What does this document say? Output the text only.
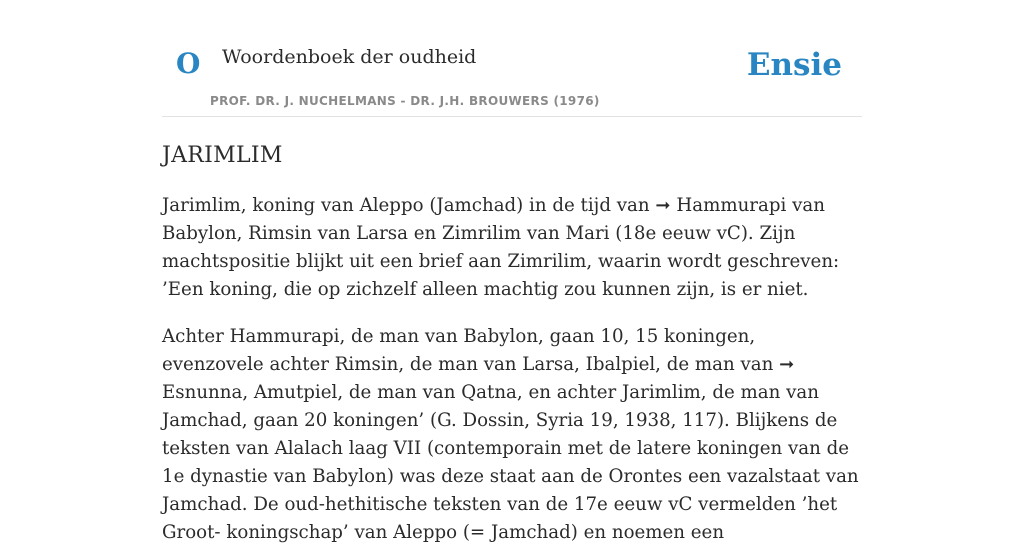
O Woordenboek der oudheid	Ensie
PROF. DR. J. NUCHELMANS - DR. J.H. BROUWERS (1976)
JARIMLIM

Jarimlim, koning van Aleppo (Jamchad) in de tijd van ➞ Hammurapi van Babylon, Rimsin van Larsa en Zimrilim van Mari (18e eeuw vC). Zijn machtspositie blijkt uit een brief aan Zimrilim, waarin wordt geschreven: ’Een koning, die op zichzelf alleen machtig zou kunnen zijn, is er niet.

Achter Hammurapi, de man van Babylon, gaan 10, 15 koningen, evenzovele achter Rimsin, de man van Larsa, Ibalpiel, de man van ➞ Esnunna, Amutpiel, de man van Qatna, en achter Jarimlim, de man van Jamchad, gaan 20 koningen’ (G. Dossin, Syria 19, 1938, 117). Blijkens de teksten van Alalach laag VII (contemporain met de latere koningen van de 1e dynastie van Babylon) was deze staat aan de Orontes een vazalstaat van Jamchad. De oud-hethitische teksten van de 17e eeuw vC vermelden ’het Groot- koningschap’ van Aleppo (= Jamchad) en noemen een
